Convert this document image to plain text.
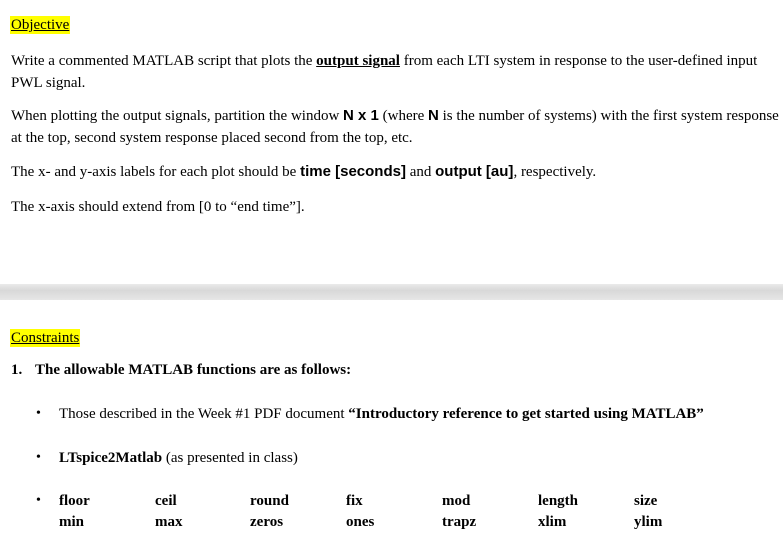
Objective
Write a commented MATLAB script that plots the output signal from each LTI system in response to the user-defined input PWL signal.
When plotting the output signals, partition the window N x 1 (where N is the number of systems) with the first system response at the top, second system response placed second from the top, etc.
The x- and y-axis labels for each plot should be time [seconds] and output [au], respectively.
The x-axis should extend from [0 to “end time”].
Constraints
1. The allowable MATLAB functions are as follows:
• Those described in the Week #1 PDF document “Introductory reference to get started using MATLAB”
• LTspice2Matlab (as presented in class)
• floor	ceil	round	fix	mod	length	size
min	max	zeros	ones	trapz	xlim	ylim
